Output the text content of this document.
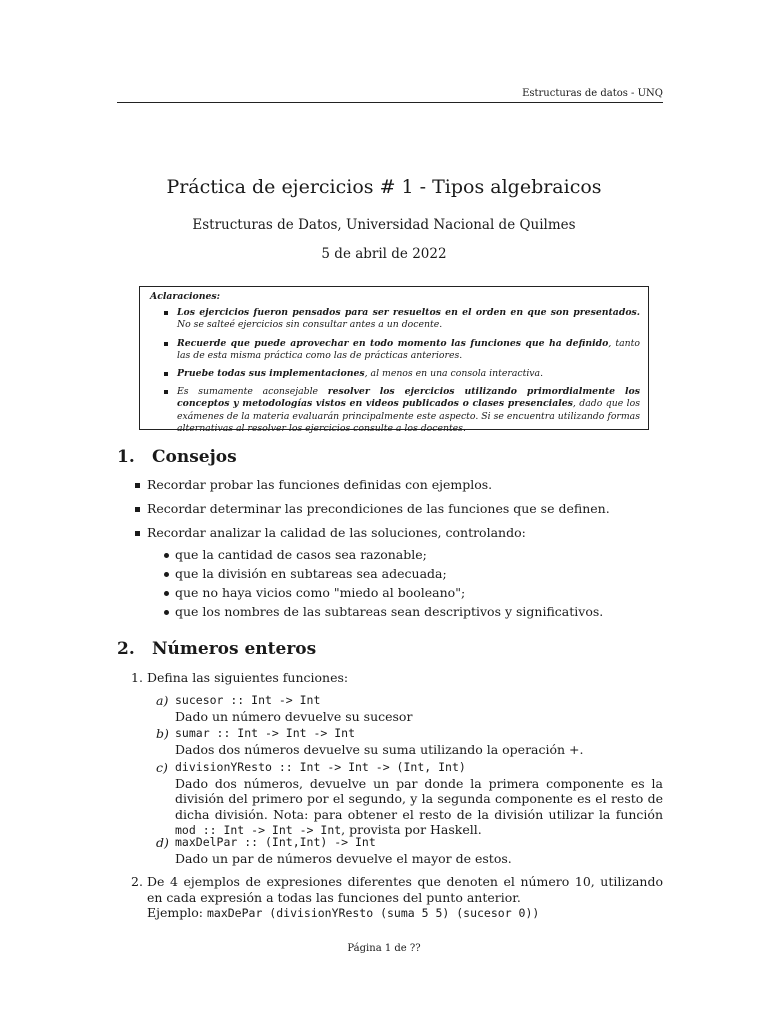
Estructuras de datos - UNQ
Práctica de ejercicios # 1 - Tipos algebraicos
Estructuras de Datos, Universidad Nacional de Quilmes
5 de abril de 2022
Aclaraciones:
Los ejercicios fueron pensados para ser resueltos en el orden en que son presentados. No se salteé ejercicios sin consultar antes a un docente.
Recuerde que puede aprovechar en todo momento las funciones que ha definido, tanto las de esta misma práctica como las de prácticas anteriores.
Pruebe todas sus implementaciones, al menos en una consola interactiva.
Es sumamente aconsejable resolver los ejercicios utilizando primordialmente los conceptos y metodologías vistos en videos publicados o clases presenciales, dado que los exámenes de la materia evaluarán principalmente este aspecto. Si se encuentra utilizando formas alternativas al resolver los ejercicios consulte a los docentes.
1. Consejos
Recordar probar las funciones definidas con ejemplos.
Recordar determinar las precondiciones de las funciones que se definen.
Recordar analizar la calidad de las soluciones, controlando:
que la cantidad de casos sea razonable;
que la división en subtareas sea adecuada;
que no haya vicios como "miedo al booleano";
que los nombres de las subtareas sean descriptivos y significativos.
2. Números enteros
1. Defina las siguientes funciones:
a) sucesor :: Int -> Int
Dado un número devuelve su sucesor
b) sumar :: Int -> Int -> Int
Dados dos números devuelve su suma utilizando la operación +.
c) divisionYResto :: Int -> Int -> (Int, Int)
Dado dos números, devuelve un par donde la primera componente es la división del primero por el segundo, y la segunda componente es el resto de dicha división. Nota: para obtener el resto de la división utilizar la función mod :: Int -> Int -> Int, provista por Haskell.
d) maxDelPar :: (Int,Int) -> Int
Dado un par de números devuelve el mayor de estos.
2. De 4 ejemplos de expresiones diferentes que denoten el número 10, utilizando en cada expresión a todas las funciones del punto anterior.
Ejemplo: maxDePar (divisionYResto (suma 5 5) (sucesor 0))
Página 1 de ??
